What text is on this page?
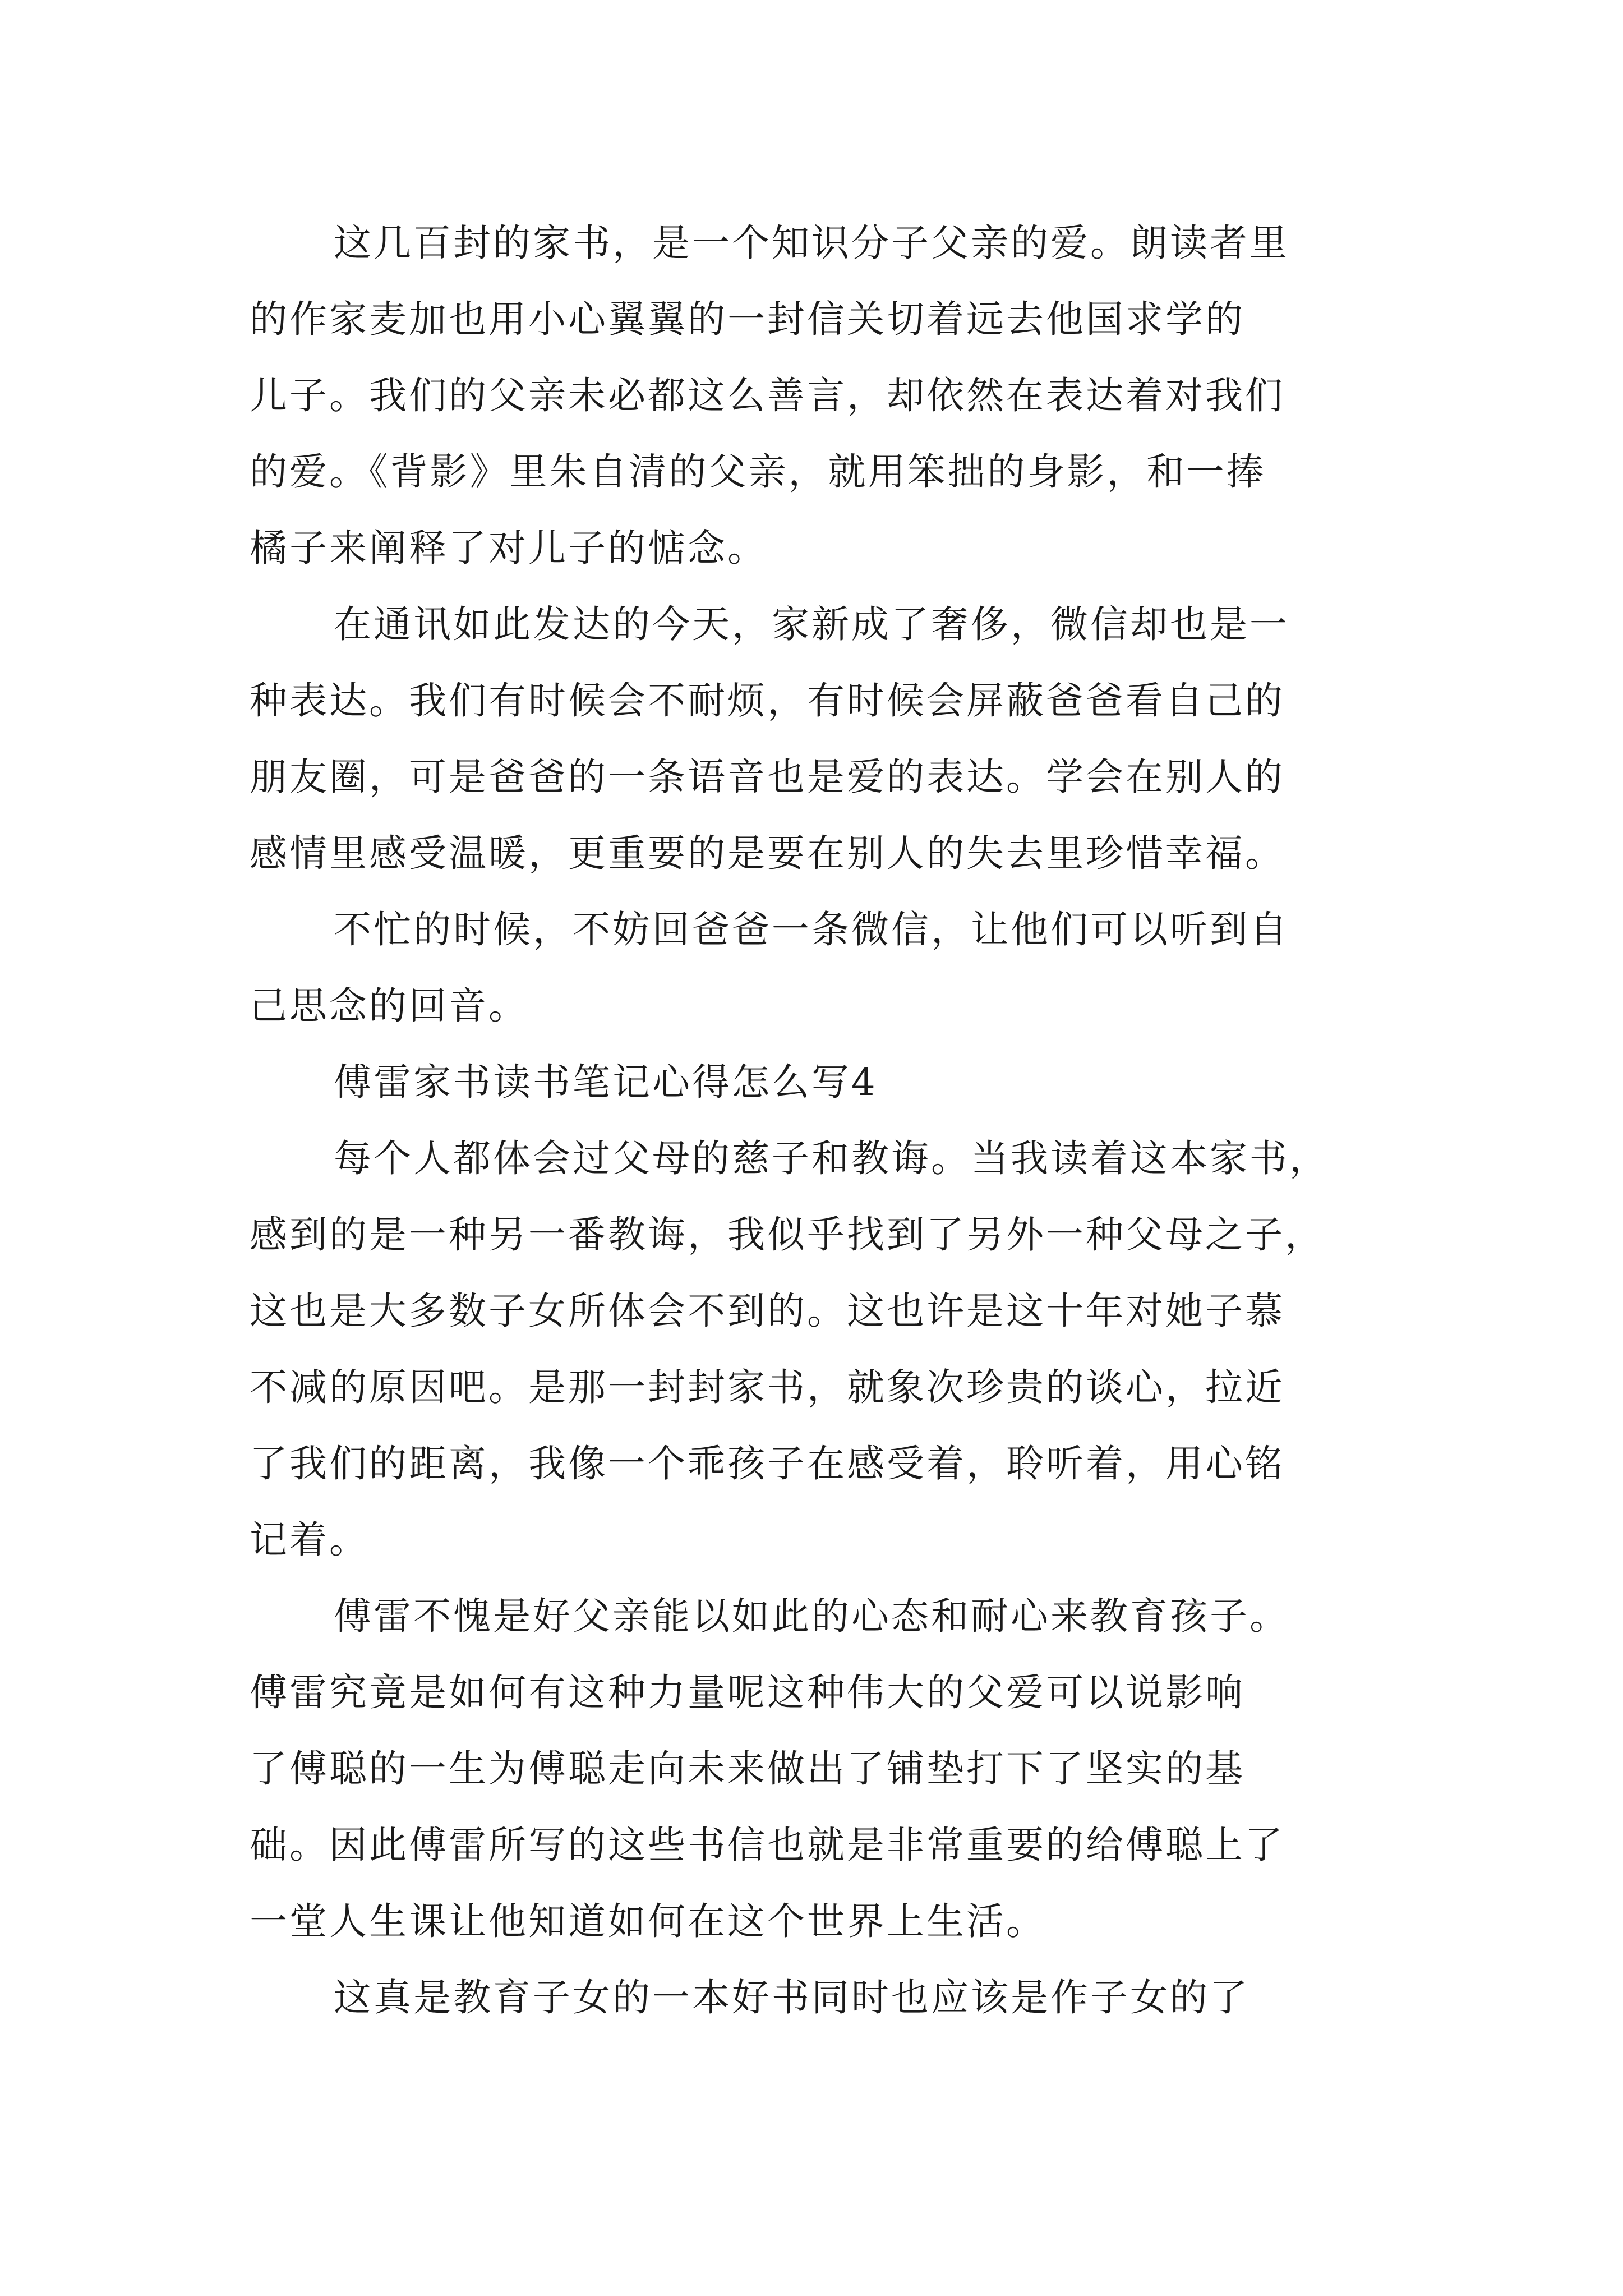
这几百封的家书，是一个知识分子父亲的爱。朗读者里
的作家麦加也用小心翼翼的一封信关切着远去他国求学的
儿子。我们的父亲未必都这么善言，却依然在表达着对我们
的爱。《背影》里朱自清的父亲，就用笨拙的身影，和一捧
橘子来阐释了对儿子的惦念。
在通讯如此发达的今天，家新成了奢侈，微信却也是一
种表达。我们有时候会不耐烦，有时候会屏蔽爸爸看自己的
朋友圈，可是爸爸的一条语音也是爱的表达。学会在别人的
感情里感受温暖，更重要的是要在别人的失去里珍惜幸福。
不忙的时候，不妨回爸爸一条微信，让他们可以听到自
己思念的回音。
傅雷家书读书笔记心得怎么写4
每个人都体会过父母的慈子和教诲。当我读着这本家书，
感到的是一种另一番教诲，我似乎找到了另外一种父母之子，
这也是大多数子女所体会不到的。这也许是这十年对她子慕
不减的原因吧。是那一封封家书，就象次珍贵的谈心，拉近
了我们的距离，我像一个乖孩子在感受着，聆听着，用心铭
记着。
傅雷不愧是好父亲能以如此的心态和耐心来教育孩子。
傅雷究竟是如何有这种力量呢这种伟大的父爱可以说影响
了傅聪的一生为傅聪走向未来做出了铺垫打下了坚实的基
础。因此傅雷所写的这些书信也就是非常重要的给傅聪上了
一堂人生课让他知道如何在这个世界上生活。
这真是教育子女的一本好书同时也应该是作子女的了
